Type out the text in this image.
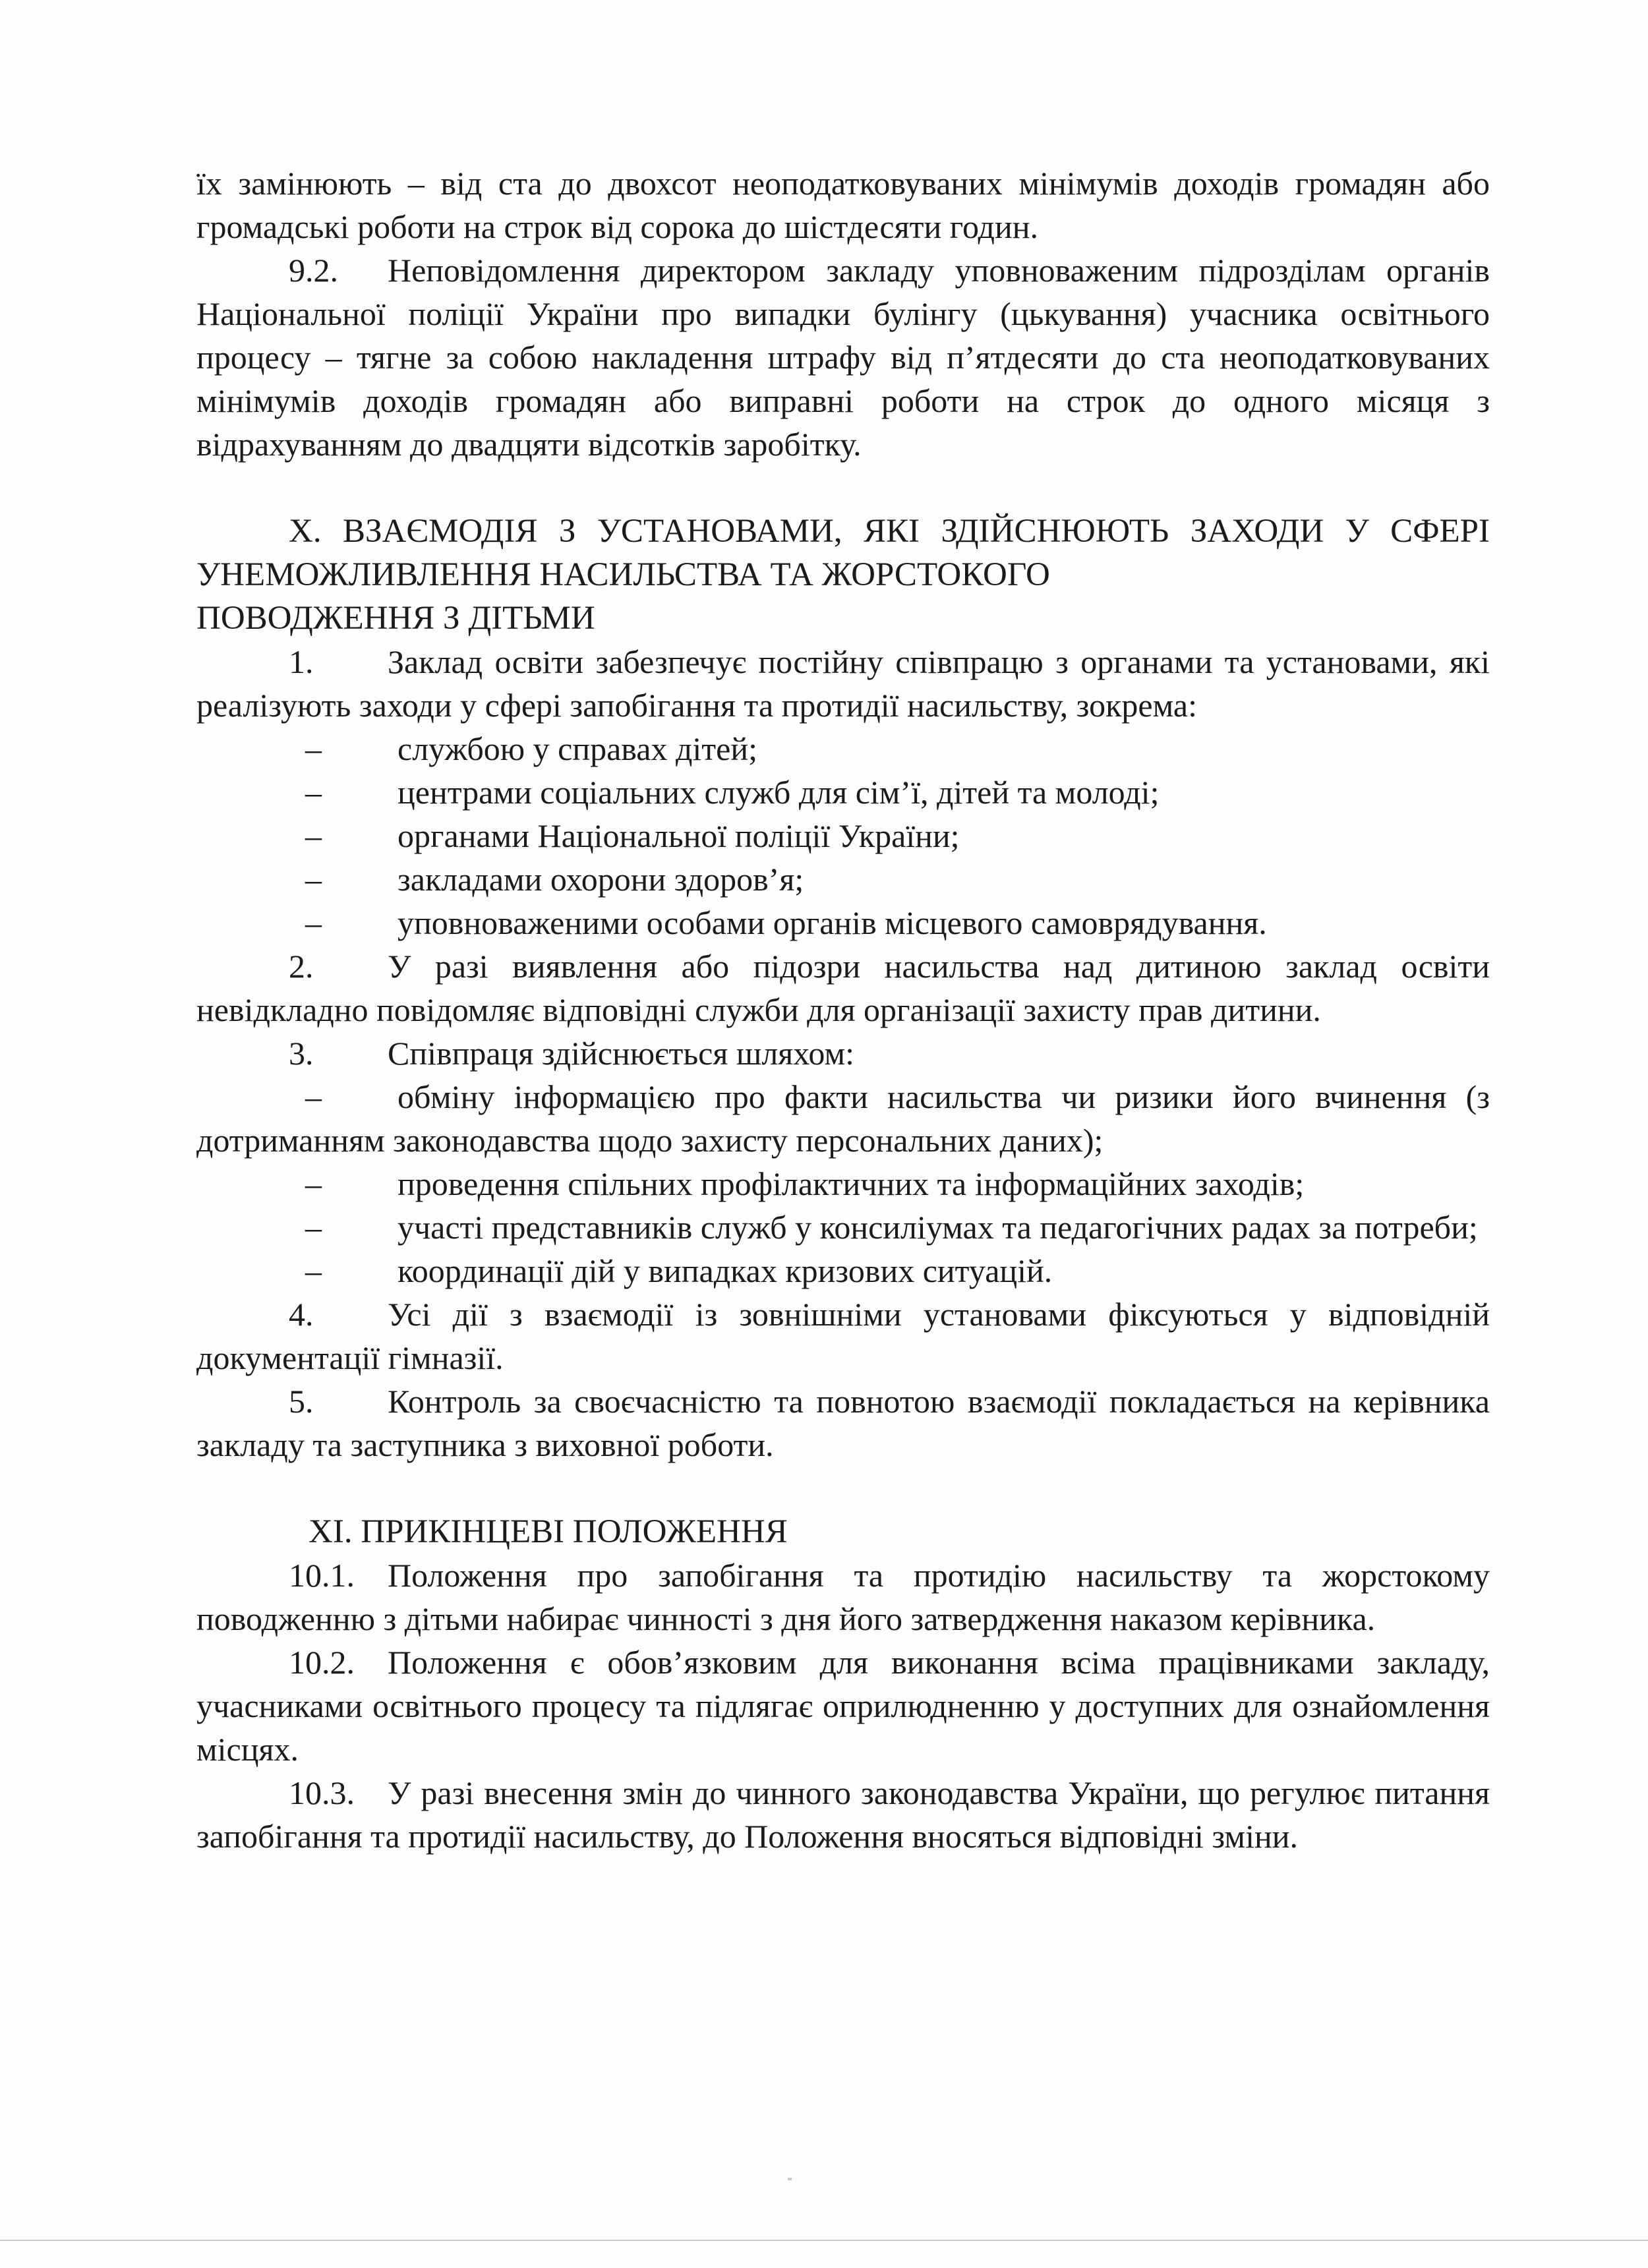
їх замінюють – від ста до двохсот неоподатковуваних мінімумів доходів громадян або громадські роботи на строк від сорока до шістдесяти годин.

9.2. Неповідомлення директором закладу уповноваженим підрозділам органів Національної поліції України про випадки булінгу (цькування) учасника освітнього процесу – тягне за собою накладення штрафу від п’ятдесяти до ста неоподатковуваних мінімумів доходів громадян або виправні роботи на строк до одного місяця з відрахуванням до двадцяти відсотків заробітку.

X. ВЗАЄМОДІЯ З УСТАНОВАМИ, ЯКІ ЗДІЙСНЮЮТЬ ЗАХОДИ У СФЕРІ УНЕМОЖЛИВЛЕННЯ НАСИЛЬСТВА ТА ЖОРСТОКОГО

ПОВОДЖЕННЯ З ДІТЬМИ

1. Заклад освіти забезпечує постійну співпрацю з органами та установами, які реалізують заходи у сфері запобігання та протидії насильству, зокрема:

– службою у справах дітей;

– центрами соціальних служб для сім’ї, дітей та молоді;

– органами Національної поліції України;

– закладами охорони здоров’я;

– уповноваженими особами органів місцевого самоврядування.

2. У разі виявлення або підозри насильства над дитиною заклад освіти невідкладно повідомляє відповідні служби для організації захисту прав дитини.

3. Співпраця здійснюється шляхом:

– обміну інформацією про факти насильства чи ризики його вчинення (з дотриманням законодавства щодо захисту персональних даних);

– проведення спільних профілактичних та інформаційних заходів;

– участі представників служб у консиліумах та педагогічних радах за потреби;

– координації дій у випадках кризових ситуацій.

4. Усі дії з взаємодії із зовнішніми установами фіксуються у відповідній документації гімназії.

5. Контроль за своєчасністю та повнотою взаємодії покладається на керівника закладу та заступника з виховної роботи.

XI. ПРИКІНЦЕВІ ПОЛОЖЕННЯ

10.1. Положення про запобігання та протидію насильству та жорстокому поводженню з дітьми набирає чинності з дня його затвердження наказом керівника.

10.2. Положення є обов’язковим для виконання всіма працівниками закладу, учасниками освітнього процесу та підлягає оприлюдненню у доступних для ознайомлення місцях.

10.3. У разі внесення змін до чинного законодавства України, що регулює питання запобігання та протидії насильству, до Положення вносяться відповідні зміни.
